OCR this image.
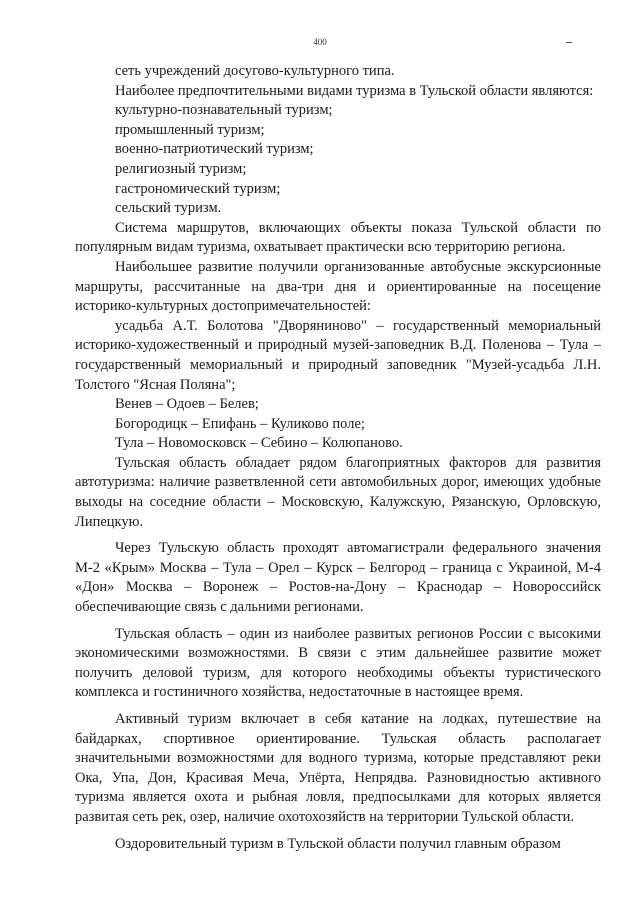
400

сеть учреждений досугово-культурного типа.

Наиболее предпочтительными видами туризма в Тульской области являются:

культурно-познавательный туризм;

промышленный туризм;

военно-патриотический туризм;

религиозный туризм;

гастрономический туризм;

сельский туризм.

Система маршрутов, включающих объекты показа Тульской области по популярным видам туризма, охватывает практически всю территорию региона.

Наибольшее развитие получили организованные автобусные экскурсионные маршруты, рассчитанные на два-три дня и ориентированные на посещение историко-культурных достопримечательностей:

усадьба А.Т. Болотова "Дворяниново" – государственный мемориальный историко-художественный и природный музей-заповедник В.Д. Поленова – Тула – государственный мемориальный и природный заповедник "Музей-усадьба Л.Н. Толстого "Ясная Поляна";

Венев – Одоев – Белев;

Богородицк – Епифань – Куликово поле;

Тула – Новомосковск – Себино – Колюпаново.

Тульская область обладает рядом благоприятных факторов для развития автотуризма: наличие разветвленной сети автомобильных дорог, имеющих удобные выходы на соседние области – Московскую, Калужскую, Рязанскую, Орловскую, Липецкую.

Через Тульскую область проходят автомагистрали федерального значения М-2 «Крым» Москва – Тула – Орел – Курск – Белгород – граница с Украиной, М-4 «Дон» Москва – Воронеж – Ростов-на-Дону – Краснодар – Новороссийск обеспечивающие связь с дальними регионами.

Тульская область – один из наиболее развитых регионов России с высокими экономическими возможностями. В связи с этим дальнейшее развитие может получить деловой туризм, для которого необходимы объекты туристического комплекса и гостиничного хозяйства, недостаточные в настоящее время.

Активный туризм включает в себя катание на лодках, путешествие на байдарках, спортивное ориентирование. Тульская область располагает значительными возможностями для водного туризма, которые представляют реки Ока, Упа, Дон, Красивая Меча, Упёрта, Непрядва. Разновидностью активного туризма является охота и рыбная ловля, предпосылками для которых является развитая сеть рек, озер, наличие охотохозяйств на территории Тульской области.

Оздоровительный туризм в Тульской области получил главным образом
